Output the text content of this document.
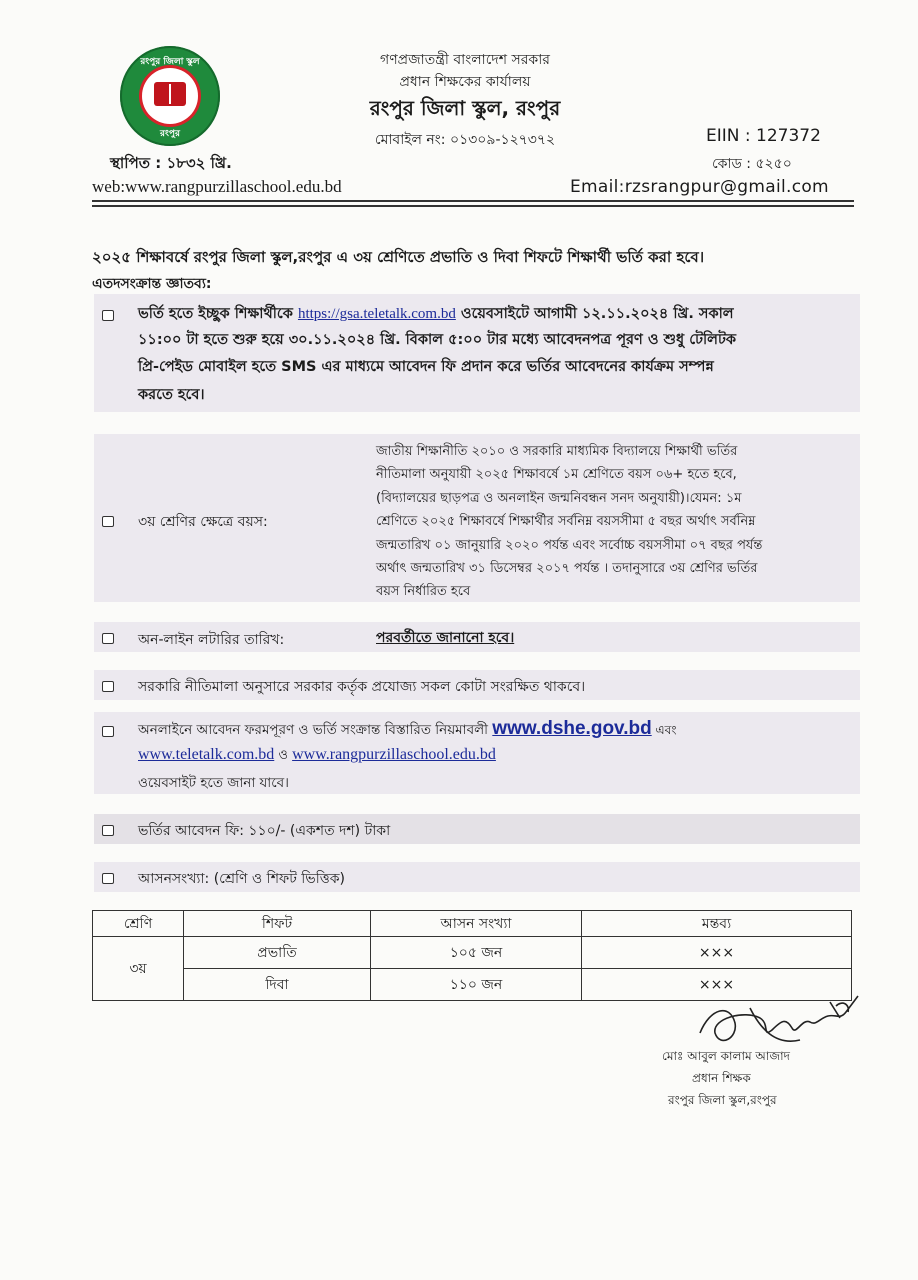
রংপুর জিলা স্কুল
রংপুর
গণপ্রজাতন্ত্রী বাংলাদেশ সরকার
প্রধান শিক্ষকের কার্যালয়
রংপুর জিলা স্কুল, রংপুর
মোবাইল নং: ০১৩০৯-১২৭৩৭২	EIIN : 127372
কোড : ৫২৫০
স্থাপিত : ১৮৩২ খ্রি.
web:www.rangpurzillaschool.edu.bd	Email:rzsrangpur@gmail.com
২০২৫ শিক্ষাবর্ষে রংপুর জিলা স্কুল,রংপুর এ ৩য় শ্রেণিতে প্রভাতি ও দিবা শিফটে শিক্ষার্থী ভর্তি করা হবে।
এতদসংক্রান্ত জ্ঞাতব্য:
ভর্তি হতে ইচ্ছুক শিক্ষার্থীকে https://gsa.teletalk.com.bd ওয়েবসাইটে আগামী ১২.১১.২০২৪ খ্রি. সকাল
১১:০০ টা হতে শুরু হয়ে ৩০.১১.২০২৪ খ্রি. বিকাল ৫:০০ টার মধ্যে আবেদনপত্র পূরণ ও শুধু টেলিটক
প্রি-পেইড মোবাইল হতে SMS এর মাধ্যমে আবেদন ফি প্রদান করে ভর্তির আবেদনের কার্যক্রম সম্পন্ন
করতে হবে।
৩য় শ্রেণির ক্ষেত্রে বয়স:
জাতীয় শিক্ষানীতি ২০১০ ও সরকারি মাধ্যমিক বিদ্যালয়ে শিক্ষার্থী ভর্তির
নীতিমালা অনুযায়ী ২০২৫ শিক্ষাবর্ষে ১ম শ্রেণিতে বয়স ০৬+ হতে হবে,
(বিদ্যালয়ের ছাড়পত্র ও অনলাইন জন্মনিবন্ধন সনদ অনুযায়ী)।যেমন: ১ম
শ্রেণিতে ২০২৫ শিক্ষাবর্ষে শিক্ষার্থীর সর্বনিম্ন বয়সসীমা ৫ বছর অর্থাৎ সর্বনিম্ন
জন্মতারিখ ০১ জানুয়ারি ২০২০ পর্যন্ত এবং সর্বোচ্চ বয়সসীমা ০৭ বছর পর্যন্ত
অর্থাৎ জন্মতারিখ ৩১ ডিসেম্বর ২০১৭ পর্যন্ত । তদানুসারে ৩য় শ্রেণির ভর্তির
বয়স নির্ধারিত হবে
অন-লাইন লটারির তারিখ:	পরবর্তীতে জানানো হবে।
সরকারি নীতিমালা অনুসারে সরকার কর্তৃক প্রযোজ্য সকল কোটা সংরক্ষিত থাকবে।
অনলাইনে আবেদন ফরমপূরণ ও ভর্তি সংক্রান্ত বিস্তারিত নিয়মাবলী www.dshe.gov.bd এবং
www.teletalk.com.bd ও www.rangpurzillaschool.edu.bd
ওয়েবসাইট হতে জানা যাবে।
ভর্তির আবেদন ফি: ১১০/- (একশত দশ) টাকা
আসনসংখ্যা: (শ্রেণি ও শিফট ভিত্তিক)
শ্রেণি	শিফট	আসন সংখ্যা	মন্তব্য
৩য়	প্রভাতি	১০৫ জন	×××
	দিবা	১১০ জন	×××
মোঃ আবুল কালাম আজাদ
প্রধান শিক্ষক
রংপুর জিলা স্কুল,রংপুর
